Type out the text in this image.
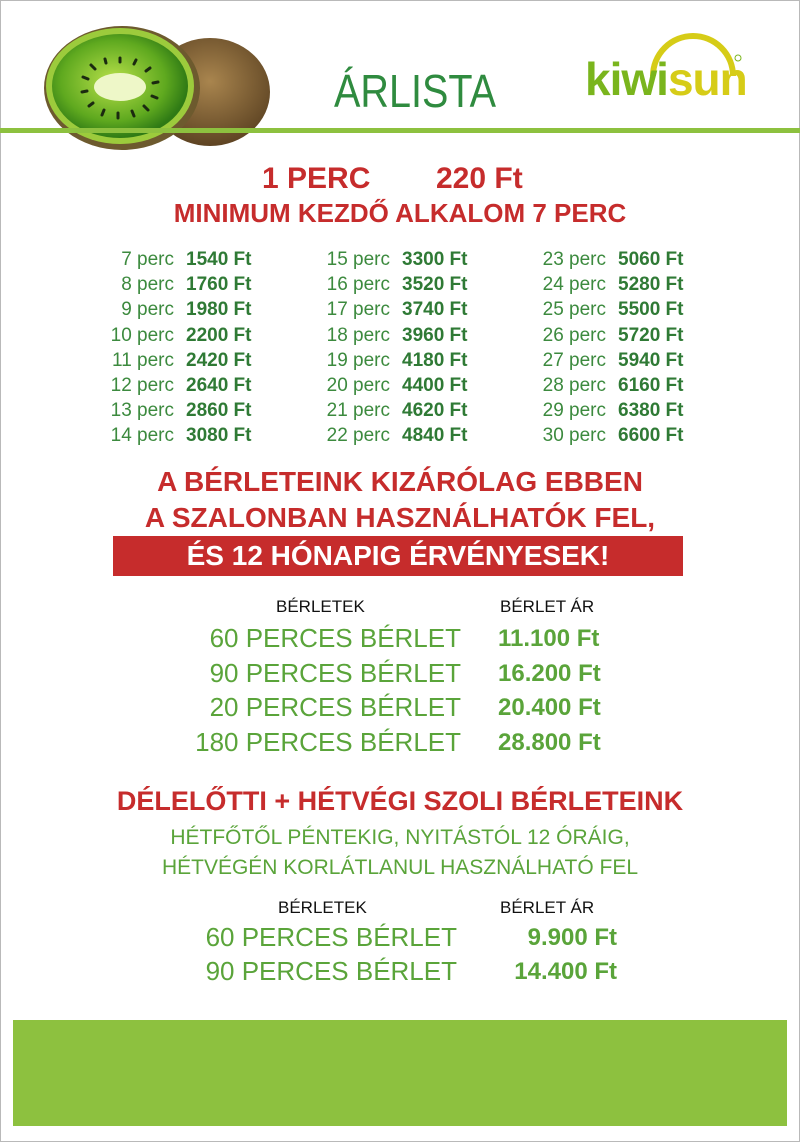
ÁRLISTA kiwisun
1 PERC 220 Ft
MINIMUM KEZDŐ ALKALOM 7 PERC
7 perc 1540 Ft
8 perc 1760 Ft
9 perc 1980 Ft
10 perc 2200 Ft
11 perc 2420 Ft
12 perc 2640 Ft
13 perc 2860 Ft
14 perc 3080 Ft
15 perc 3300 Ft
16 perc 3520 Ft
17 perc 3740 Ft
18 perc 3960 Ft
19 perc 4180 Ft
20 perc 4400 Ft
21 perc 4620 Ft
22 perc 4840 Ft
23 perc 5060 Ft
24 perc 5280 Ft
25 perc 5500 Ft
26 perc 5720 Ft
27 perc 5940 Ft
28 perc 6160 Ft
29 perc 6380 Ft
30 perc 6600 Ft
A BÉRLETEINK KIZÁRÓLAG EBBEN
A SZALONBAN HASZNÁLHATÓK FEL,
ÉS 12 HÓNAPIG ÉRVÉNYESEK!
BÉRLETEK	BÉRLET ÁR
60 PERCES BÉRLET 11.100 Ft
90 PERCES BÉRLET 16.200 Ft
20 PERCES BÉRLET 20.400 Ft
180 PERCES BÉRLET 28.800 Ft
DÉLELŐTTI + HÉTVÉGI SZOLI BÉRLETEINK
HÉTFŐTŐL PÉNTEKIG, NYITÁSTÓL 12 ÓRÁIG,
HÉTVÉGÉN KORLÁTLANUL HASZNÁLHATÓ FEL
BÉRLETEK	BÉRLET ÁR
60 PERCES BÉRLET	9.900 Ft
90 PERCES BÉRLET 14.400 Ft
